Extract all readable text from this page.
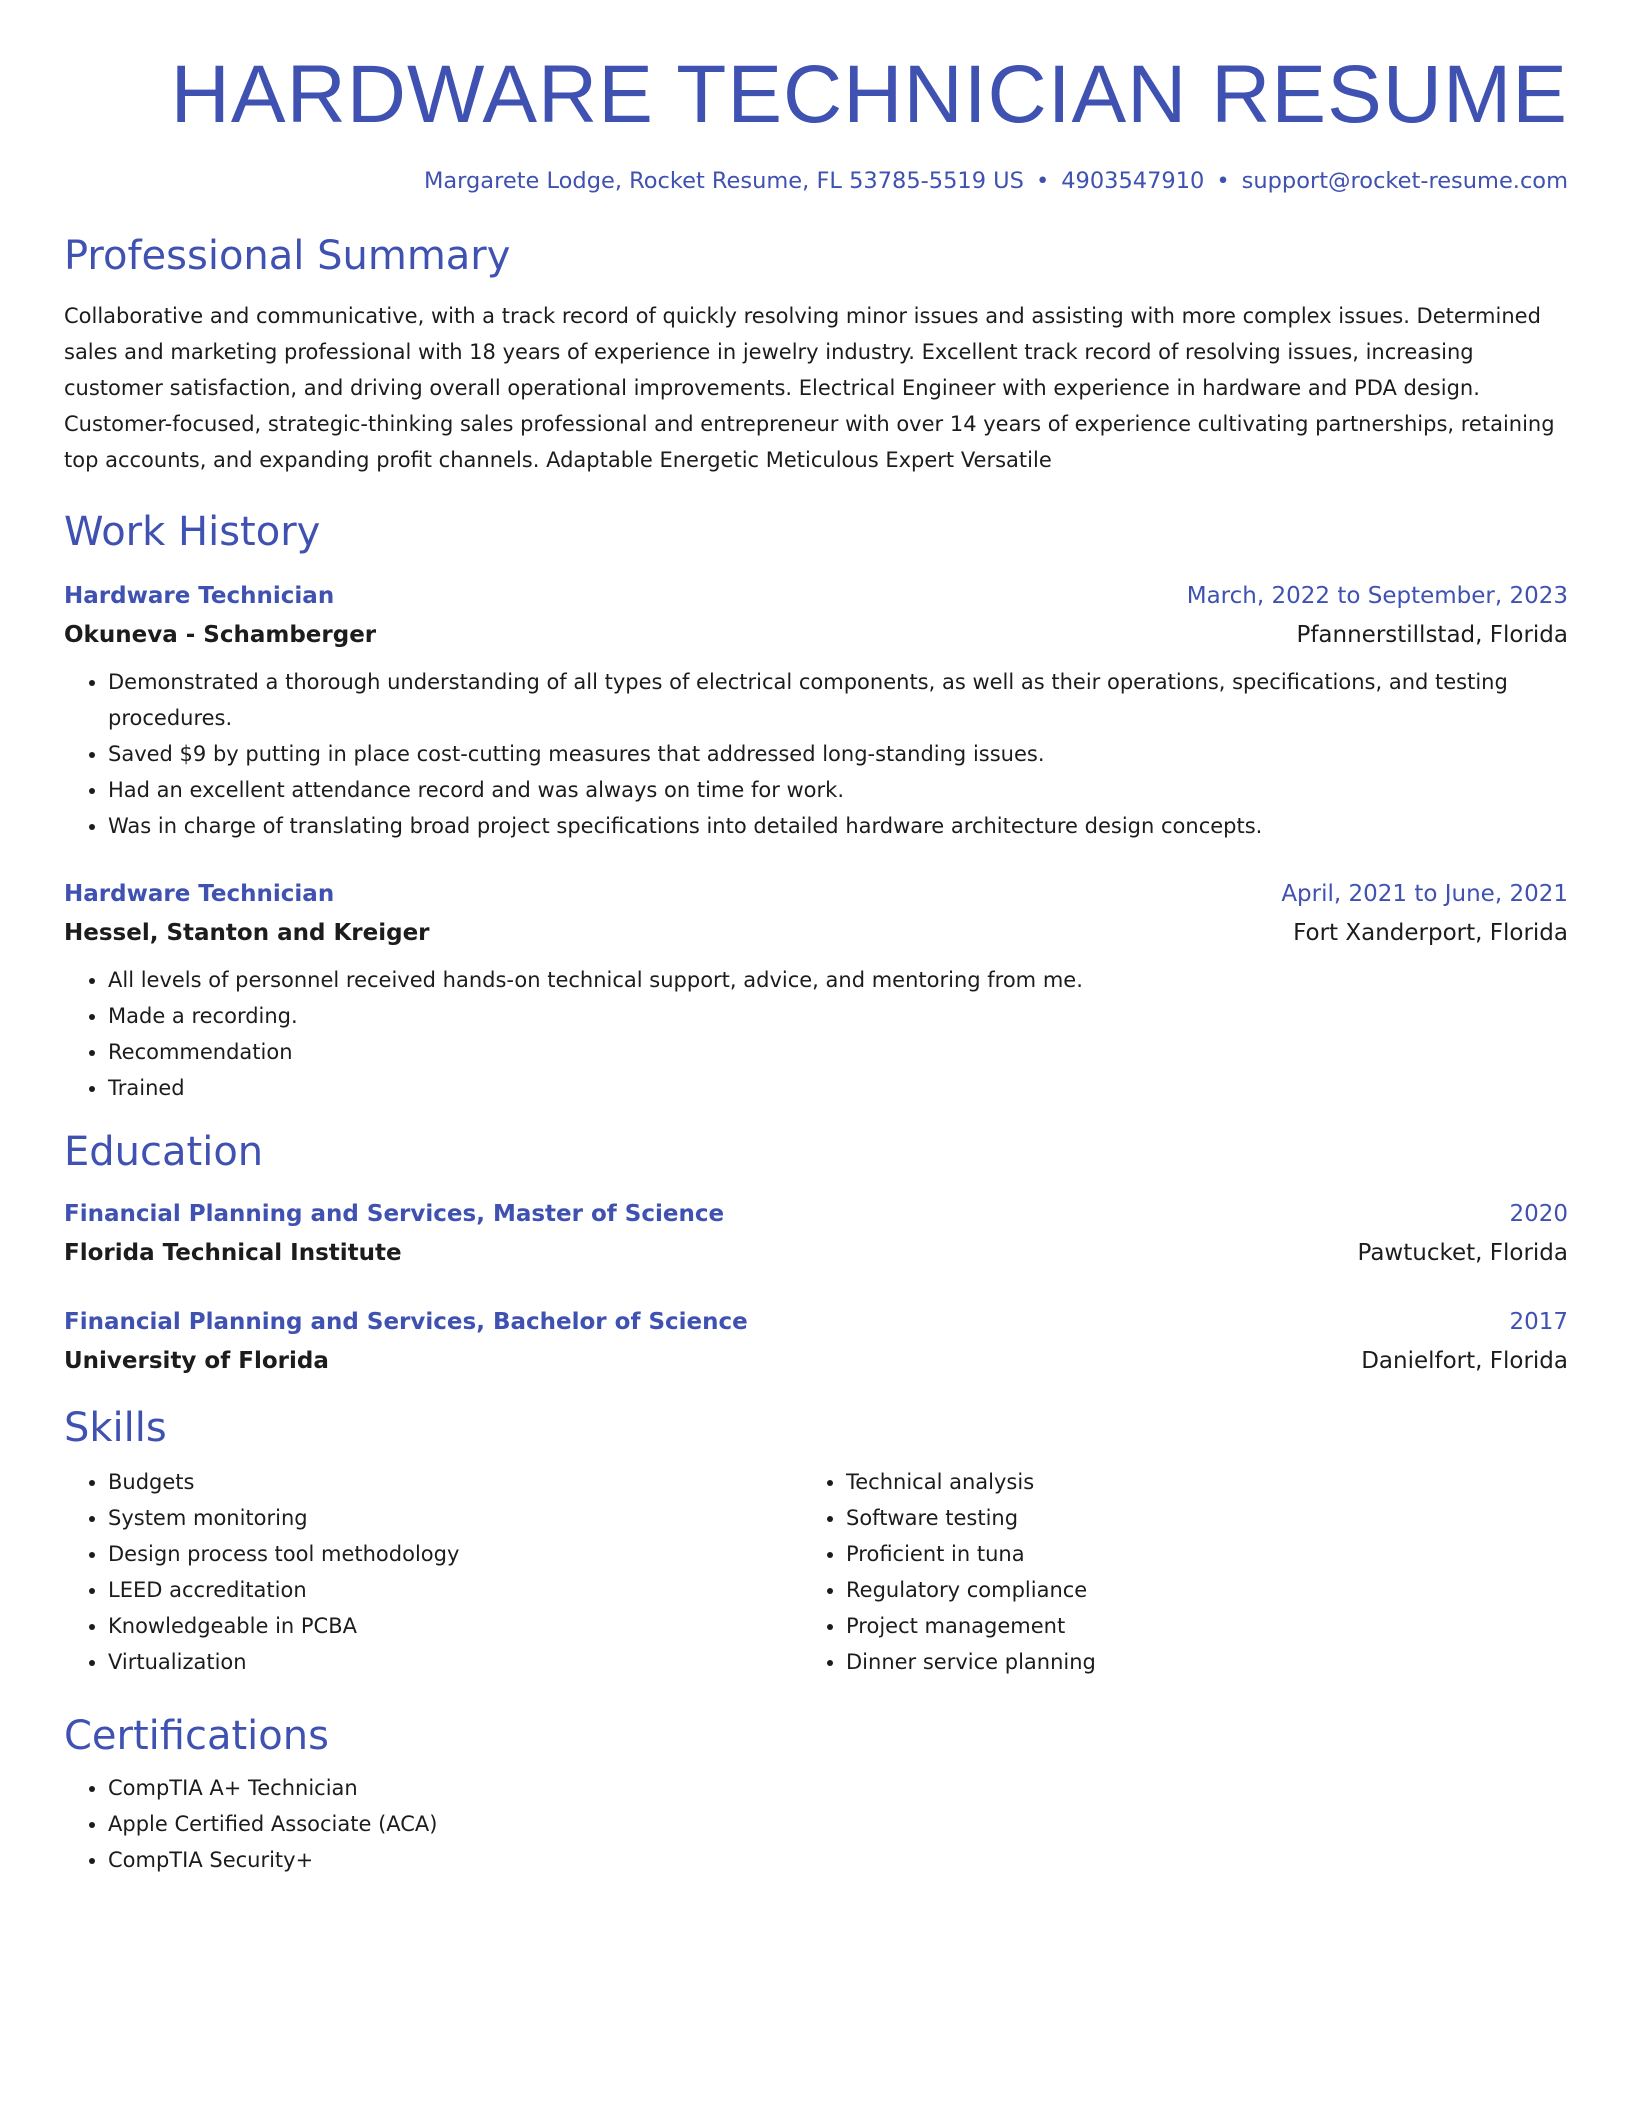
HARDWARE TECHNICIAN RESUME
Margarete Lodge, Rocket Resume, FL 53785-5519 US • 4903547910 • support@rocket-resume.com
Professional Summary
Collaborative and communicative, with a track record of quickly resolving minor issues and assisting with more complex issues. Determined sales and marketing professional with 18 years of experience in jewelry industry. Excellent track record of resolving issues, increasing customer satisfaction, and driving overall operational improvements. Electrical Engineer with experience in hardware and PDA design. Customer-focused, strategic-thinking sales professional and entrepreneur with over 14 years of experience cultivating partnerships, retaining top accounts, and expanding profit channels. Adaptable Energetic Meticulous Expert Versatile
Work History
Hardware Technician	March, 2022 to September, 2023
Okuneva - Schamberger	Pfannerstillstad, Florida
• Demonstrated a thorough understanding of all types of electrical components, as well as their operations, specifications, and testing procedures.
• Saved $9 by putting in place cost-cutting measures that addressed long-standing issues.
• Had an excellent attendance record and was always on time for work.
• Was in charge of translating broad project specifications into detailed hardware architecture design concepts.
Hardware Technician	April, 2021 to June, 2021
Hessel, Stanton and Kreiger	Fort Xanderport, Florida
• All levels of personnel received hands-on technical support, advice, and mentoring from me.
• Made a recording.
• Recommendation
• Trained
Education
Financial Planning and Services, Master of Science	2020
Florida Technical Institute	Pawtucket, Florida
Financial Planning and Services, Bachelor of Science	2017
University of Florida	Danielfort, Florida
Skills
• Budgets
• System monitoring
• Design process tool methodology
• LEED accreditation
• Knowledgeable in PCBA
• Virtualization
• Technical analysis
• Software testing
• Proficient in tuna
• Regulatory compliance
• Project management
• Dinner service planning
Certifications
• CompTIA A+ Technician
• Apple Certified Associate (ACA)
• CompTIA Security+
